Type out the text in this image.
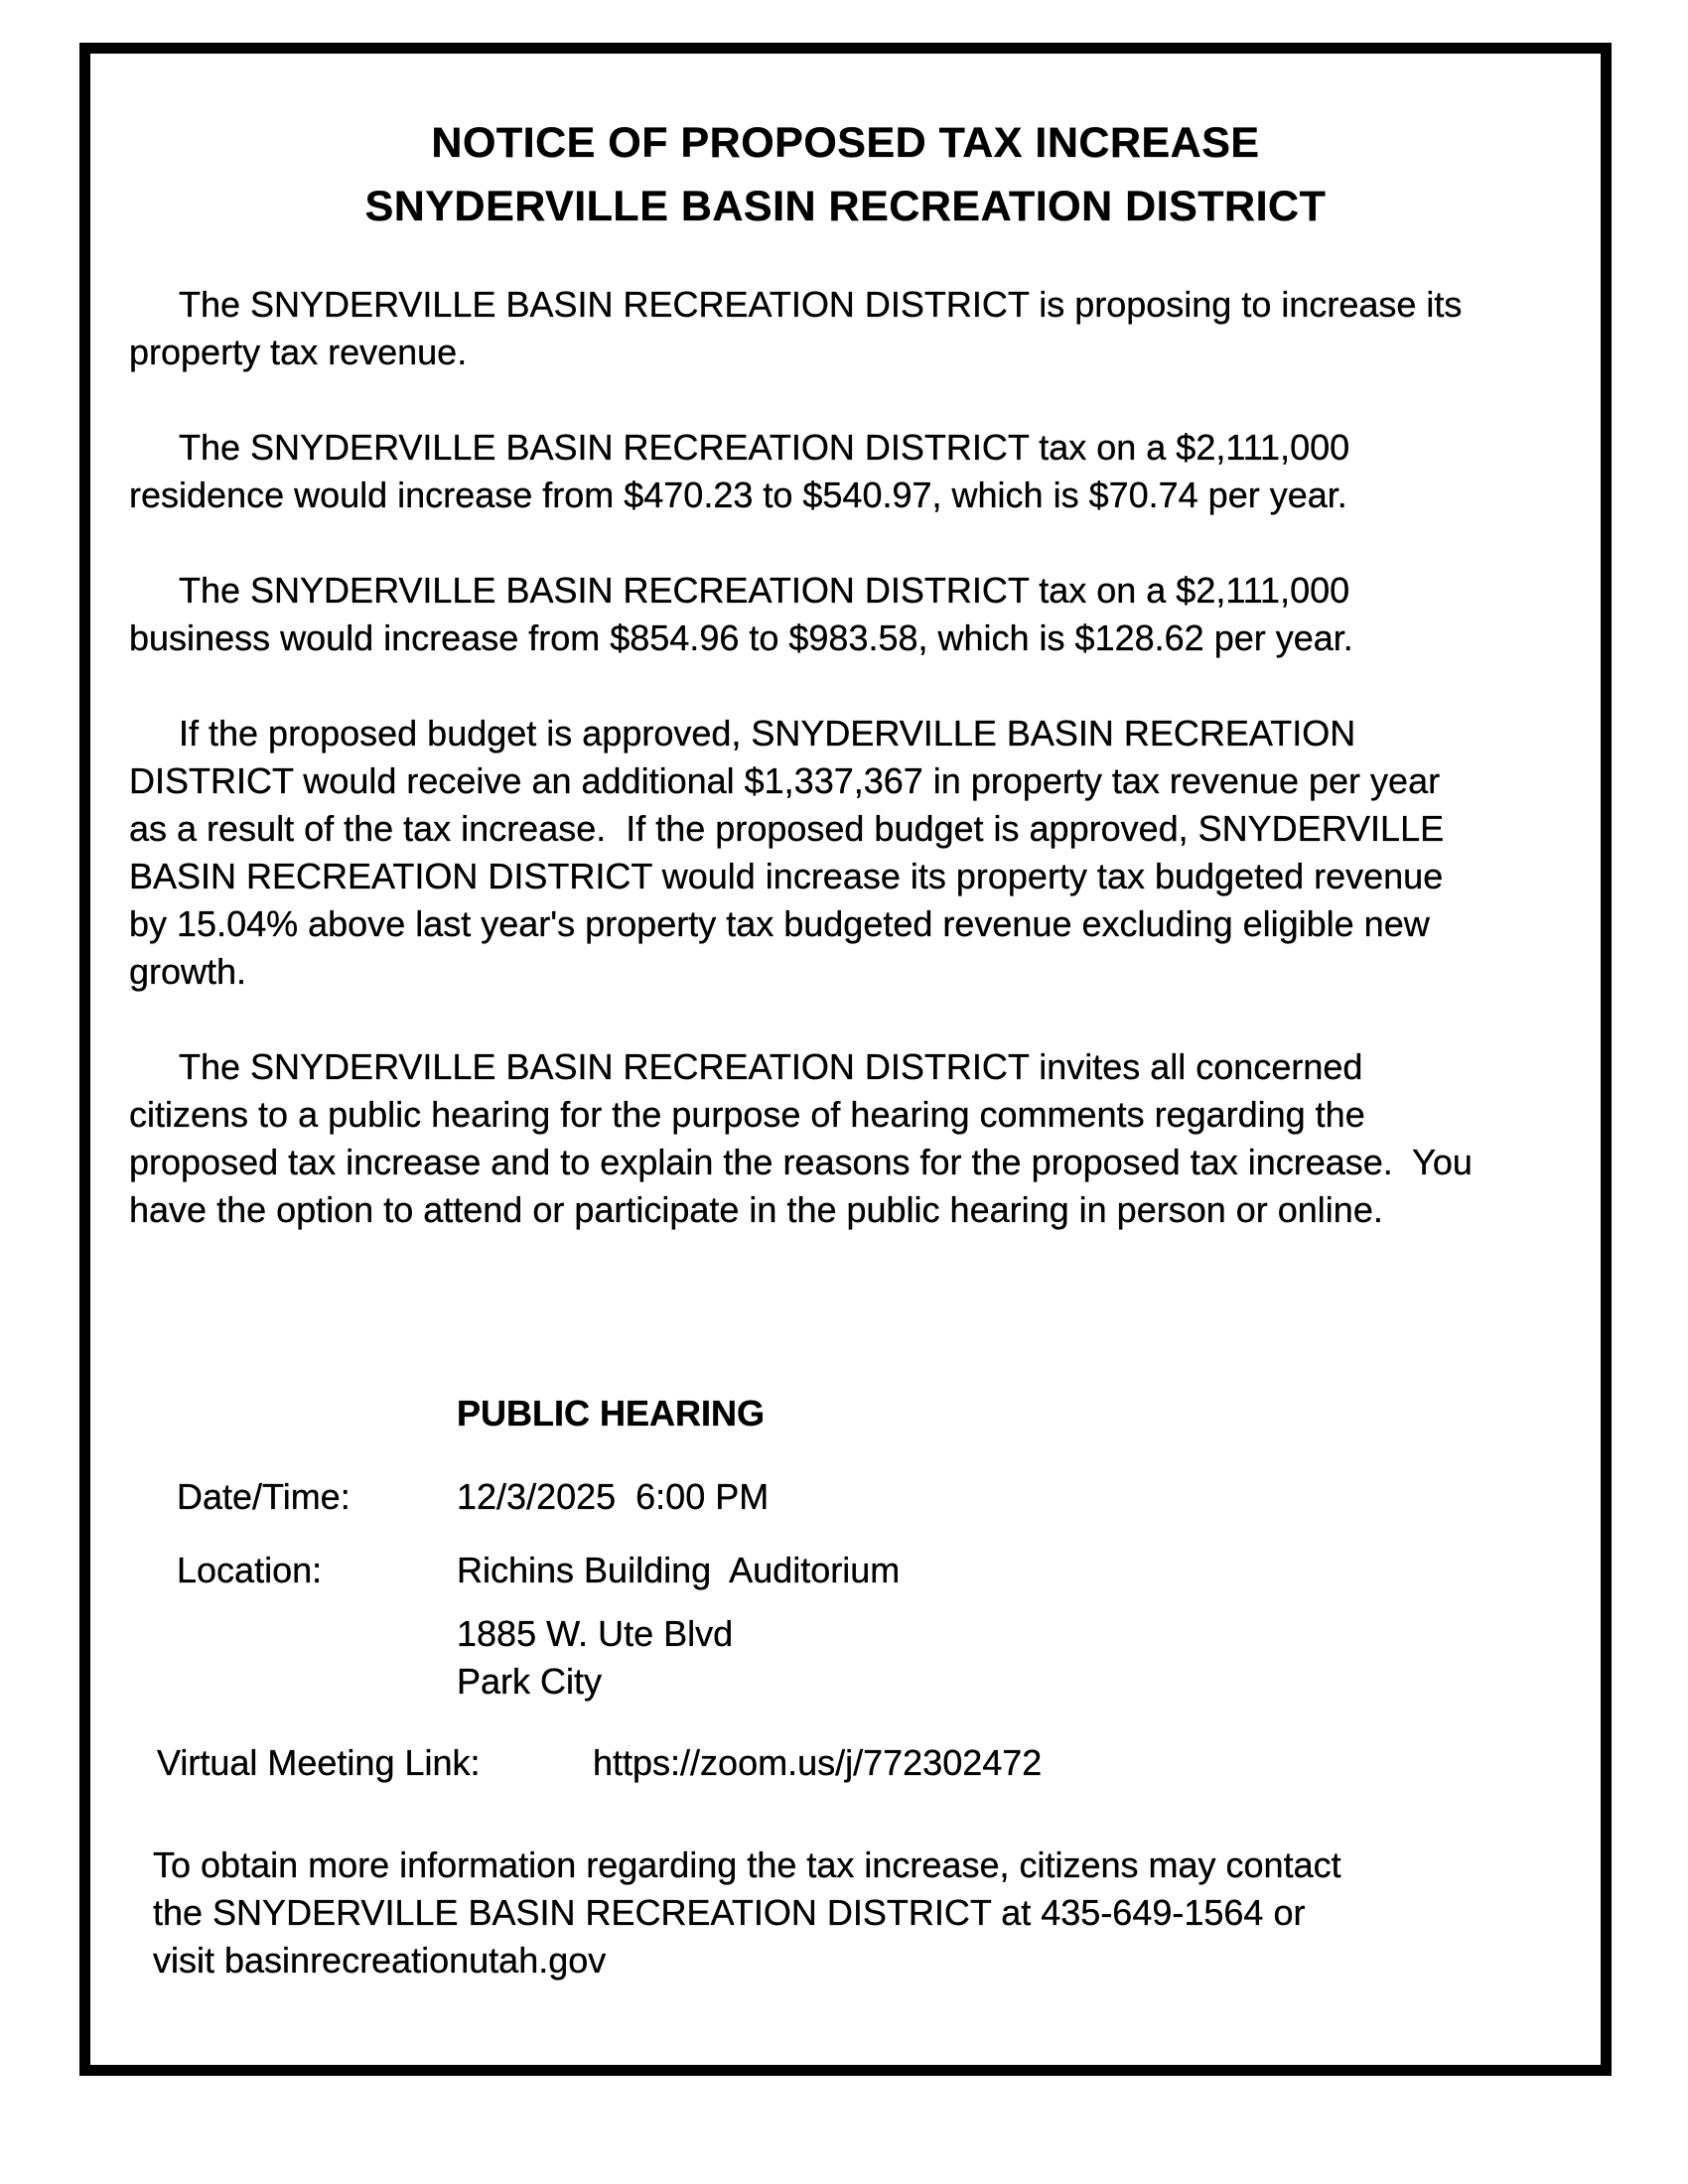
NOTICE OF PROPOSED TAX INCREASE
SNYDERVILLE BASIN RECREATION DISTRICT

The SNYDERVILLE BASIN RECREATION DISTRICT is proposing to increase its
property tax revenue.

The SNYDERVILLE BASIN RECREATION DISTRICT tax on a $2,111,000
residence would increase from $470.23 to $540.97, which is $70.74 per year.

The SNYDERVILLE BASIN RECREATION DISTRICT tax on a $2,111,000
business would increase from $854.96 to $983.58, which is $128.62 per year.

If the proposed budget is approved, SNYDERVILLE BASIN RECREATION
DISTRICT would receive an additional $1,337,367 in property tax revenue per year
as a result of the tax increase.  If the proposed budget is approved, SNYDERVILLE
BASIN RECREATION DISTRICT would increase its property tax budgeted revenue
by 15.04% above last year's property tax budgeted revenue excluding eligible new
growth.

The SNYDERVILLE BASIN RECREATION DISTRICT invites all concerned
citizens to a public hearing for the purpose of hearing comments regarding the
proposed tax increase and to explain the reasons for the proposed tax increase.  You
have the option to attend or participate in the public hearing in person or online.

PUBLIC HEARING
Date/Time:	12/3/2025  6:00 PM
Location:	Richins Building  Auditorium
1885 W. Ute Blvd
Park City
Virtual Meeting Link:	https://zoom.us/j/772302472

To obtain more information regarding the tax increase, citizens may contact
the SNYDERVILLE BASIN RECREATION DISTRICT at 435-649-1564 or
visit basinrecreationutah.gov
